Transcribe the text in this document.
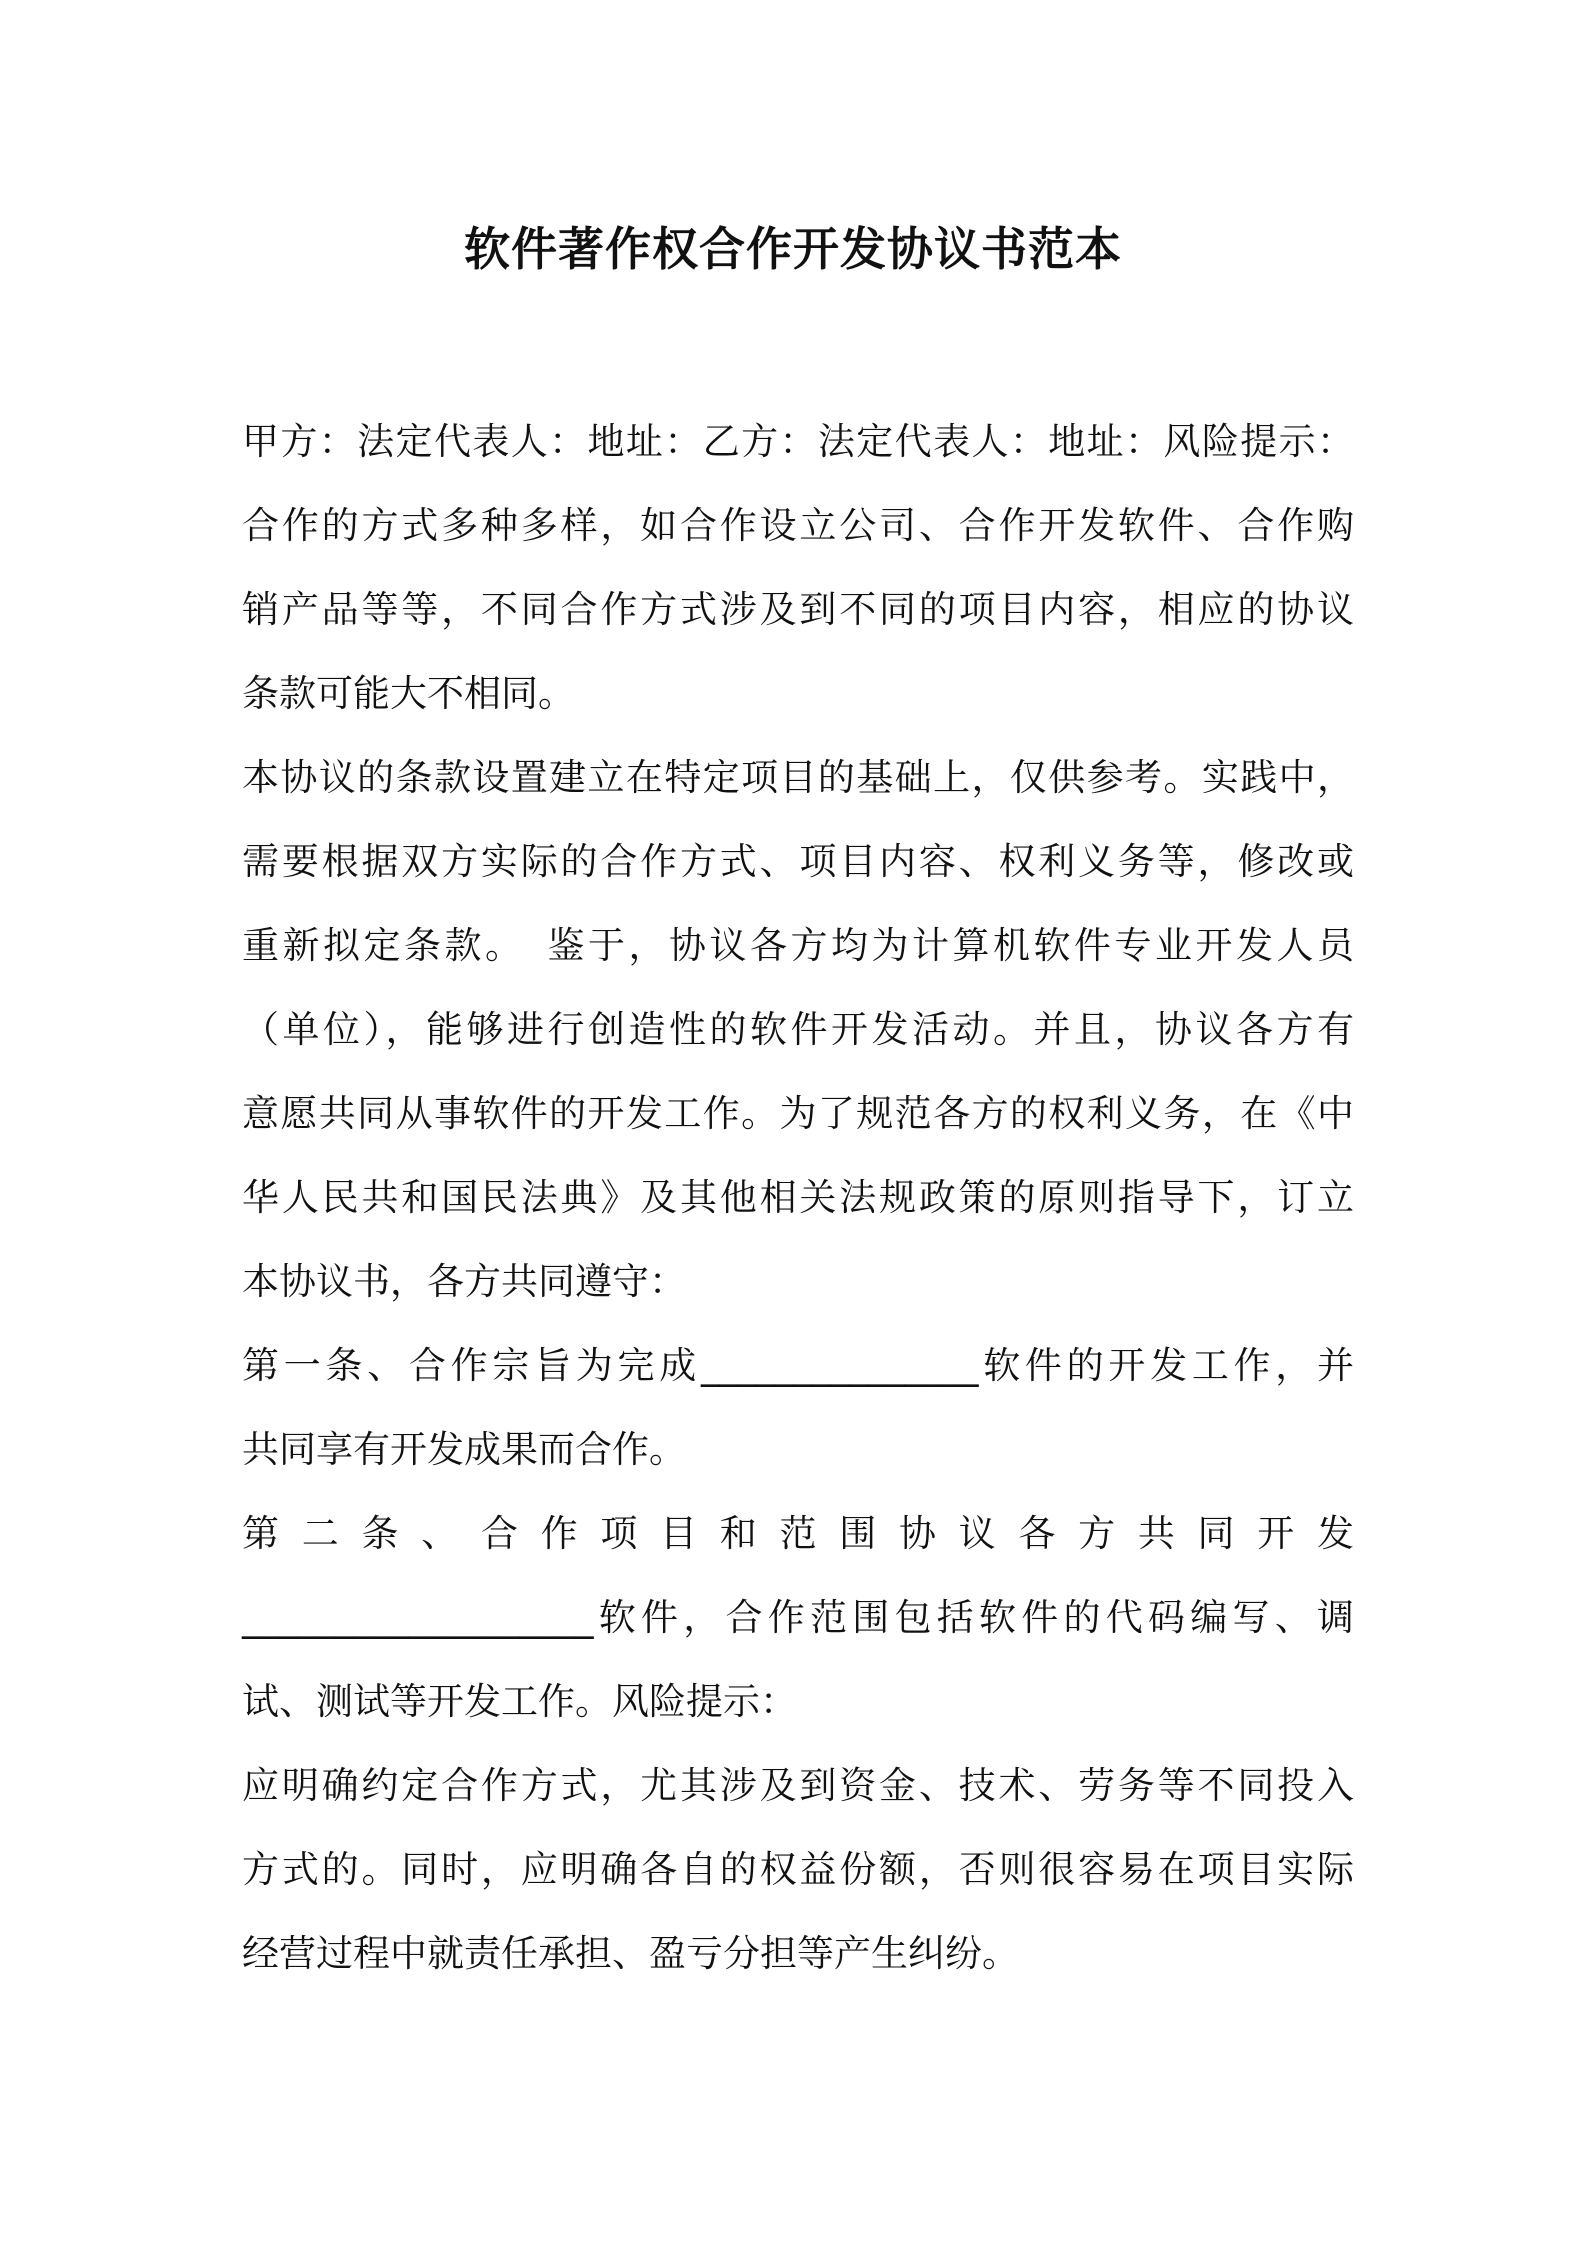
软件著作权合作开发协议书范本
甲方：法定代表人：地址：乙方：法定代表人：地址：风险提示：
合作的方式多种多样，如合作设立公司、合作开发软件、合作购
销产品等等，不同合作方式涉及到不同的项目内容，相应的协议
条款可能大不相同。
本协议的条款设置建立在特定项目的基础上，仅供参考。实践中，
需要根据双方实际的合作方式、项目内容、权利义务等，修改或
重新拟定条款。　鉴于，协议各方均为计算机软件专业开发人员
（单位），能够进行创造性的软件开发活动。并且，协议各方有
意愿共同从事软件的开发工作。为了规范各方的权利义务，在《中
华人民共和国民法典》及其他相关法规政策的原则指导下，订立
本协议书，各方共同遵守：
第一条、合作宗旨为完成_______________软件的开发工作，并
共同享有开发成果而合作。
第 二 条 、 合 作 项 目 和 范 围 协 议 各 方 共 同 开 发
___________________软件，合作范围包括软件的代码编写、调
试、测试等开发工作。风险提示：
应明确约定合作方式，尤其涉及到资金、技术、劳务等不同投入
方式的。同时，应明确各自的权益份额，否则很容易在项目实际
经营过程中就责任承担、盈亏分担等产生纠纷。
